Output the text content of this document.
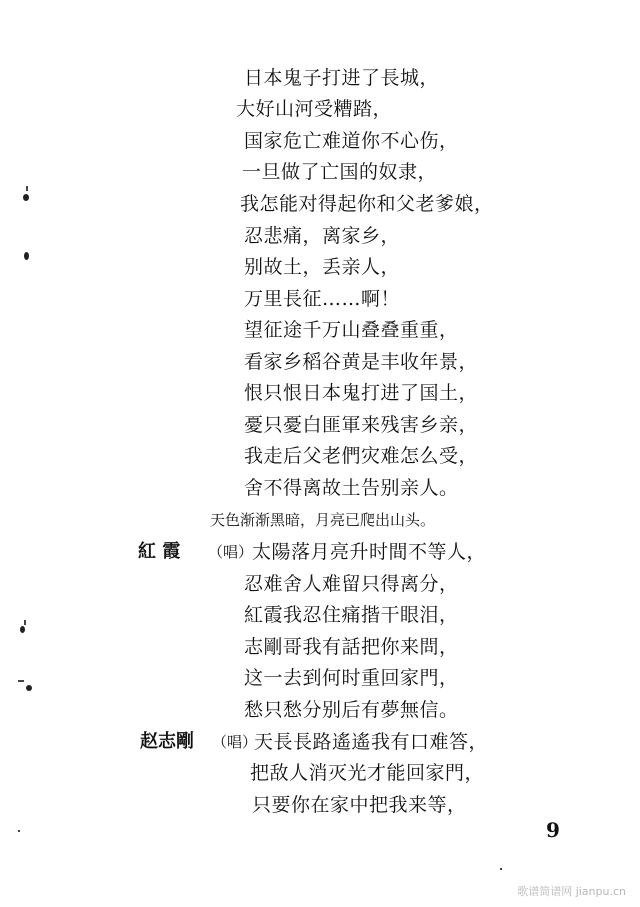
日本鬼子打进了長城，
大好山河受糟踏，
国家危亡难道你不心伤，
一旦做了亡国的奴隶，
我怎能对得起你和父老爹娘，
忍悲痛，离家乡，
别故土，丢亲人，
万里長征……啊！
望征途千万山叠叠重重，
看家乡稻谷黄是丰收年景，
恨只恨日本鬼打进了国土，
憂只憂白匪軍来残害乡亲，
我走后父老們灾难怎么受，
舍不得离故土告别亲人。
天色渐渐黑暗，月亮已爬出山头。
紅 霞 （唱）
太陽落月亮升时間不等人，
忍难舍人难留只得离分，
紅霞我忍住痛揩干眼泪，
志剛哥我有話把你来問，
这一去到何时重回家門，
愁只愁分别后有夢無信。
赵志剛 （唱）
天長長路遙遙我有口难答，
把敌人消灭光才能回家門，
只要你在家中把我来等，
9
歌谱简谱网 jianpu.cn
